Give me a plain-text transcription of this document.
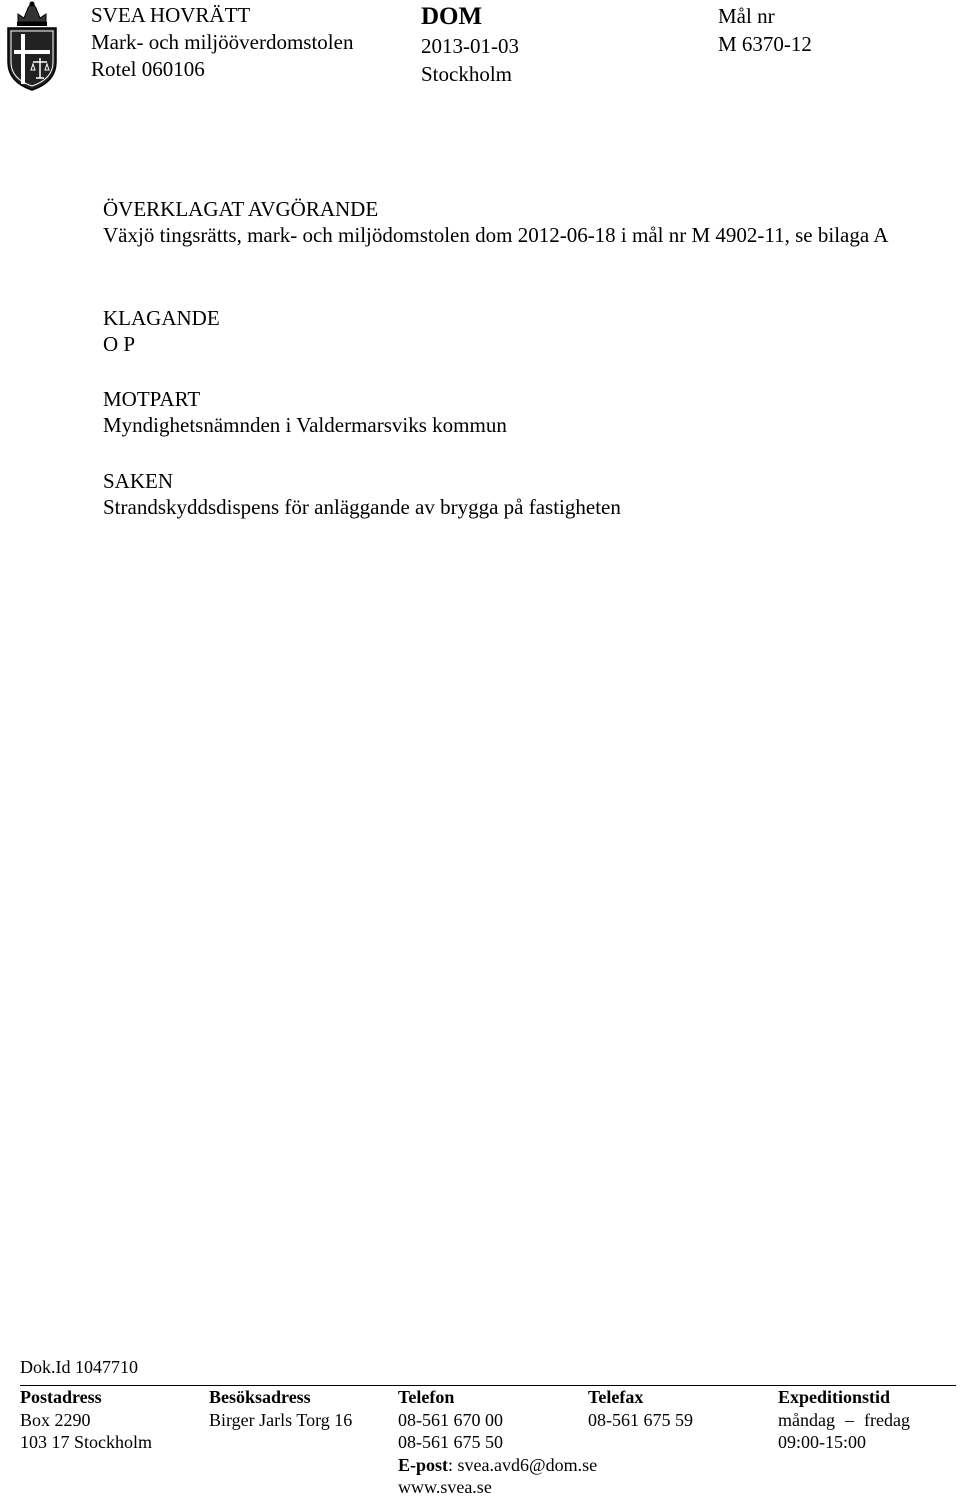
SVEA HOVRÄTT
Mark- och miljööverdomstolen
Rotel 060106
DOM
2013-01-03
Stockholm
Mål nr
M 6370-12
ÖVERKLAGAT AVGÖRANDE
Växjö tingsrätts, mark- och miljödomstolen dom 2012-06-18 i mål nr M 4902-11, se bilaga A
KLAGANDE
O P
MOTPART
Myndighetsnämnden i Valdermarsviks kommun
SAKEN
Strandskyddsdispens för anläggande av brygga på fastigheten
Dok.Id 1047710
Postadress
Box 2290
103 17 Stockholm
Besöksadress
Birger Jarls Torg 16
Telefon
08-561 670 00
08-561 675 50
E-post: svea.avd6@dom.se
www.svea.se
Telefax
08-561 675 59
Expeditionstid
måndag – fredag
09:00-15:00
